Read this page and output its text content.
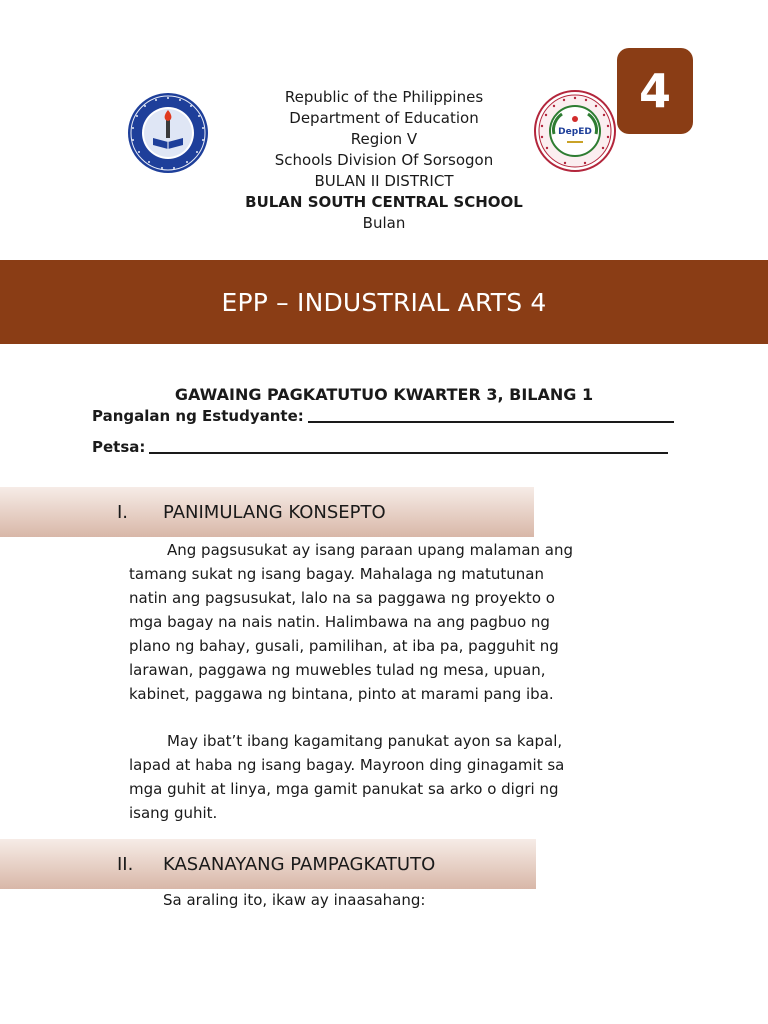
Republic of the Philippines
Department of Education
Region V
Schools Division Of Sorsogon
BULAN II DISTRICT
BULAN SOUTH CENTRAL SCHOOL
Bulan
DepED
4
EPP – INDUSTRIAL ARTS 4
GAWAING PAGKATUTUO KWARTER 3, BILANG 1
Pangalan ng Estudyante:
Petsa:
I. PANIMULANG KONSEPTO
Ang pagsusukat ay isang paraan upang malaman ang
tamang sukat ng isang bagay. Mahalaga ng matutunan
natin ang pagsusukat, lalo na sa paggawa ng proyekto o
mga bagay na nais natin. Halimbawa na ang pagbuo ng
plano ng bahay, gusali, pamilihan, at iba pa, pagguhit ng
larawan, paggawa ng muwebles tulad ng mesa, upuan,
kabinet, paggawa ng bintana, pinto at marami pang iba.
May ibat’t ibang kagamitang panukat ayon sa kapal,
lapad at haba ng isang bagay. Mayroon ding ginagamit sa
mga guhit at linya, mga gamit panukat sa arko o digri ng
isang guhit.
II. KASANAYANG PAMPAGKATUTO
Sa araling ito, ikaw ay inaasahang:
